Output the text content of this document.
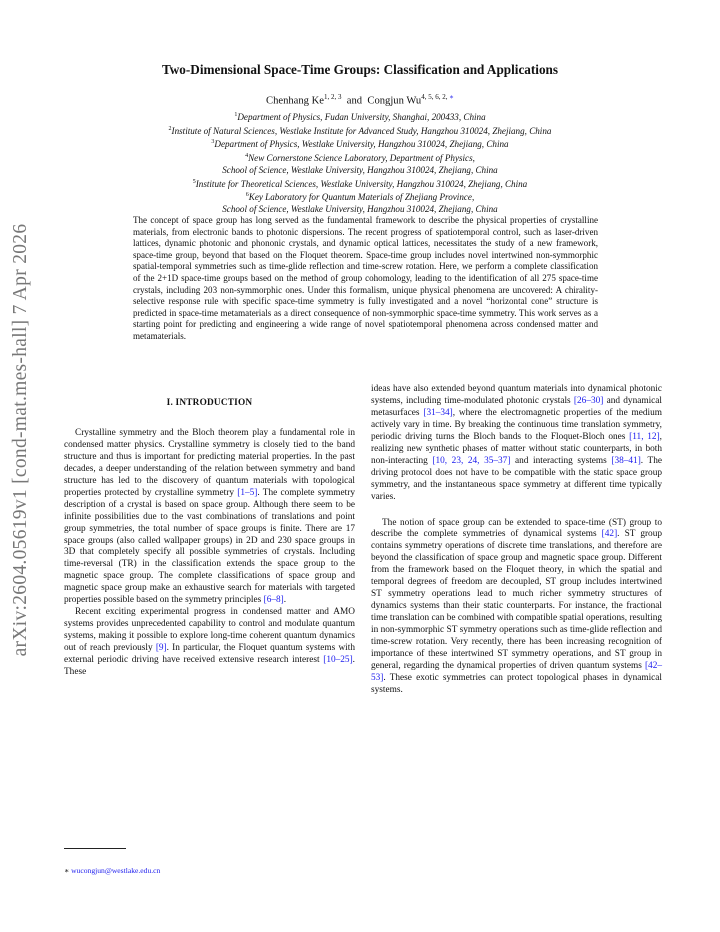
arXiv:2604.05619v1 [cond-mat.mes-hall] 7 Apr 2026
Two-Dimensional Space-Time Groups: Classification and Applications
Chenhang Ke$^{1, 2, 3}$ and Congjun $Wu^{4, 5, 6, 2, ∗}$
$^1$Department of Physics, Fudan University, Shanghai, 200433, China
$^2$Institute of Natural Sciences, Westlake Institute for Advanced Study, Hangzhou 310024, Zhejiang, China
$^3$Department of Physics, Westlake University, Hangzhou 310024, Zhejiang, China
$^4$New Cornerstone Science Laboratory, Department of Physics,
School of Science, Westlake University, Hangzhou 310024, Zhejiang, China
$^5$Institute for Theoretical Sciences, Westlake University, Hangzhou 310024, Zhejiang, China
$^6$Key Laboratory for Quantum Materials of Zhejiang Province,
School of Science, Westlake University, Hangzhou 310024, Zhejiang, China
The concept of space group has long served as the fundamental framework to describe the physical properties of crystalline materials, from electronic bands to photonic dispersions. The recent progress of spatiotemporal control, such as laser-driven lattices, dynamic photonic and phononic crystals, and dynamic optical lattices, necessitates the study of a new framework, space-time group, beyond that based on the Floquet theorem. Space-time group includes novel intertwined non-symmorphic spatial-temporal symmetries such as time-glide reflection and time-screw rotation. Here, we perform a complete classification of the 2+1D space-time groups based on the method of group cohomology, leading to the identification of all 275 space-time crystals, including 203 non-symmorphic ones. Under this formalism, unique physical phenomena are uncovered: A chirality-selective response rule with specific space-time symmetry is fully investigated and a novel “horizontal cone” structure is predicted in space-time metamaterials as a direct consequence of non-symmorphic space-time symmetry. This work serves as a starting point for predicting and engineering a wide range of novel spatiotemporal phenomena across condensed matter and metamaterials.
I. INTRODUCTION

Crystalline symmetry and the Bloch theorem play a fundamental role in condensed matter physics. Crystalline symmetry is closely tied to the band structure and thus is important for predicting material properties. In the past decades, a deeper understanding of the relation between symmetry and band structure has led to the discovery of quantum materials with topological properties protected by crystalline symmetry [1–5]. The complete symmetry description of a crystal is based on space group. Although there seem to be infinite possibilities due to the vast combinations of translations and point group symmetries, the total number of space groups is finite. There are 17 space groups (also called wallpaper groups) in 2D and 230 space groups in 3D that completely specify all possible symmetries of crystals. Including time-reversal (TR) in the classification extends the space group to the magnetic space group. The complete classifications of space group and magnetic space group make an exhaustive search for materials with targeted properties possible based on the symmetry principles [6–8].

Recent exciting experimental progress in condensed matter and AMO systems provides unprecedented capability to control and modulate quantum systems, making it possible to explore long-time coherent quantum dynamics out of reach previously [9]. In particular, the Floquet quantum systems with external periodic driving have received extensive research interest [10–25]. These

ideas have also extended beyond quantum materials into dynamical photonic systems, including time-modulated photonic crystals [26–30] and dynamical metasurfaces [31–34], where the electromagnetic properties of the medium actively vary in time. By breaking the continuous time translation symmetry, periodic driving turns the Bloch bands to the Floquet-Bloch ones [11, 12], realizing new synthetic phases of matter without static counterparts, in both non-interacting [10, 23, 24, 35–37] and interacting systems [38–41]. The driving protocol does not have to be compatible with the static space group symmetry, and the instantaneous space symmetry at different time typically varies.

The notion of space group can be extended to space-time (ST) group to describe the complete symmetries of dynamical systems [42]. ST group contains symmetry operations of discrete time translations, and therefore are beyond the classification of space group and magnetic space group. Different from the framework based on the Floquet theory, in which the spatial and temporal degrees of freedom are decoupled, ST group includes intertwined ST symmetry operations lead to much richer symmetry structures of dynamics systems than their static counterparts. For instance, the fractional time translation can be combined with compatible spatial operations, resulting in non-symmorphic ST symmetry operations such as time-glide reflection and time-screw rotation. Very recently, there has been increasing recognition of importance of these intertwined ST symmetry operations, and ST group in general, regarding the dynamical properties of driven quantum systems [42–53]. These exotic symmetries can protect topological phases in dynamical systems.

∗ wucongjun@westlake.edu.cn
